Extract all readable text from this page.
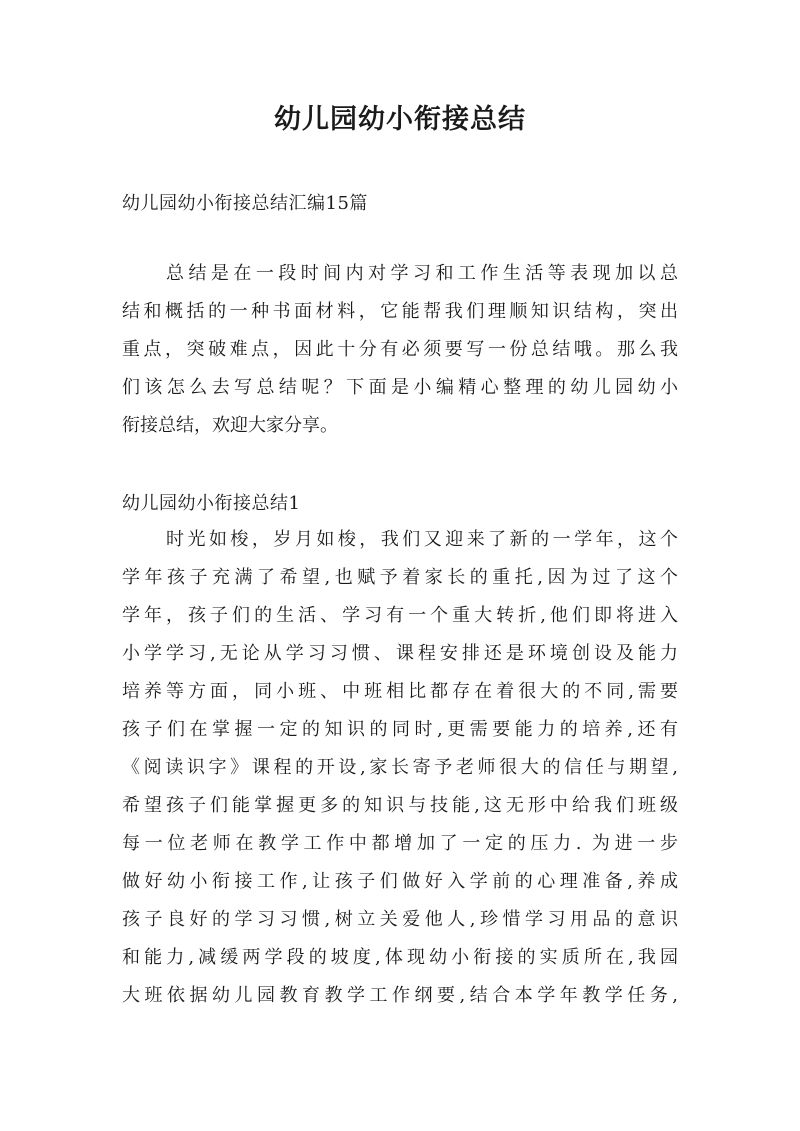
幼儿园幼小衔接总结
幼儿园幼小衔接总结汇编15篇
总结是在一段时间内对学习和工作生活等表现加以总
结和概括的一种书面材料，它能帮我们理顺知识结构，突出
重点，突破难点，因此十分有必须要写一份总结哦。那么我
们该怎么去写总结呢？下面是小编精心整理的幼儿园幼小
衔接总结，欢迎大家分享。
幼儿园幼小衔接总结1
时光如梭，岁月如梭，我们又迎来了新的一学年，这个
学年孩子充满了希望,也赋予着家长的重托,因为过了这个
学年，孩子们的生活、学习有一个重大转折,他们即将进入
小学学习,无论从学习习惯、课程安排还是环境创设及能力
培养等方面，同小班、中班相比都存在着很大的不同,需要
孩子们在掌握一定的知识的同时,更需要能力的培养,还有
《阅读识字》课程的开设,家长寄予老师很大的信任与期望,
希望孩子们能掌握更多的知识与技能,这无形中给我们班级
每一位老师在教学工作中都增加了一定的压力. 为进一步
做好幼小衔接工作,让孩子们做好入学前的心理准备,养成
孩子良好的学习习惯,树立关爱他人,珍惜学习用品的意识
和能力,减缓两学段的坡度,体现幼小衔接的实质所在,我园
大班依据幼儿园教育教学工作纲要,结合本学年教学任务,
